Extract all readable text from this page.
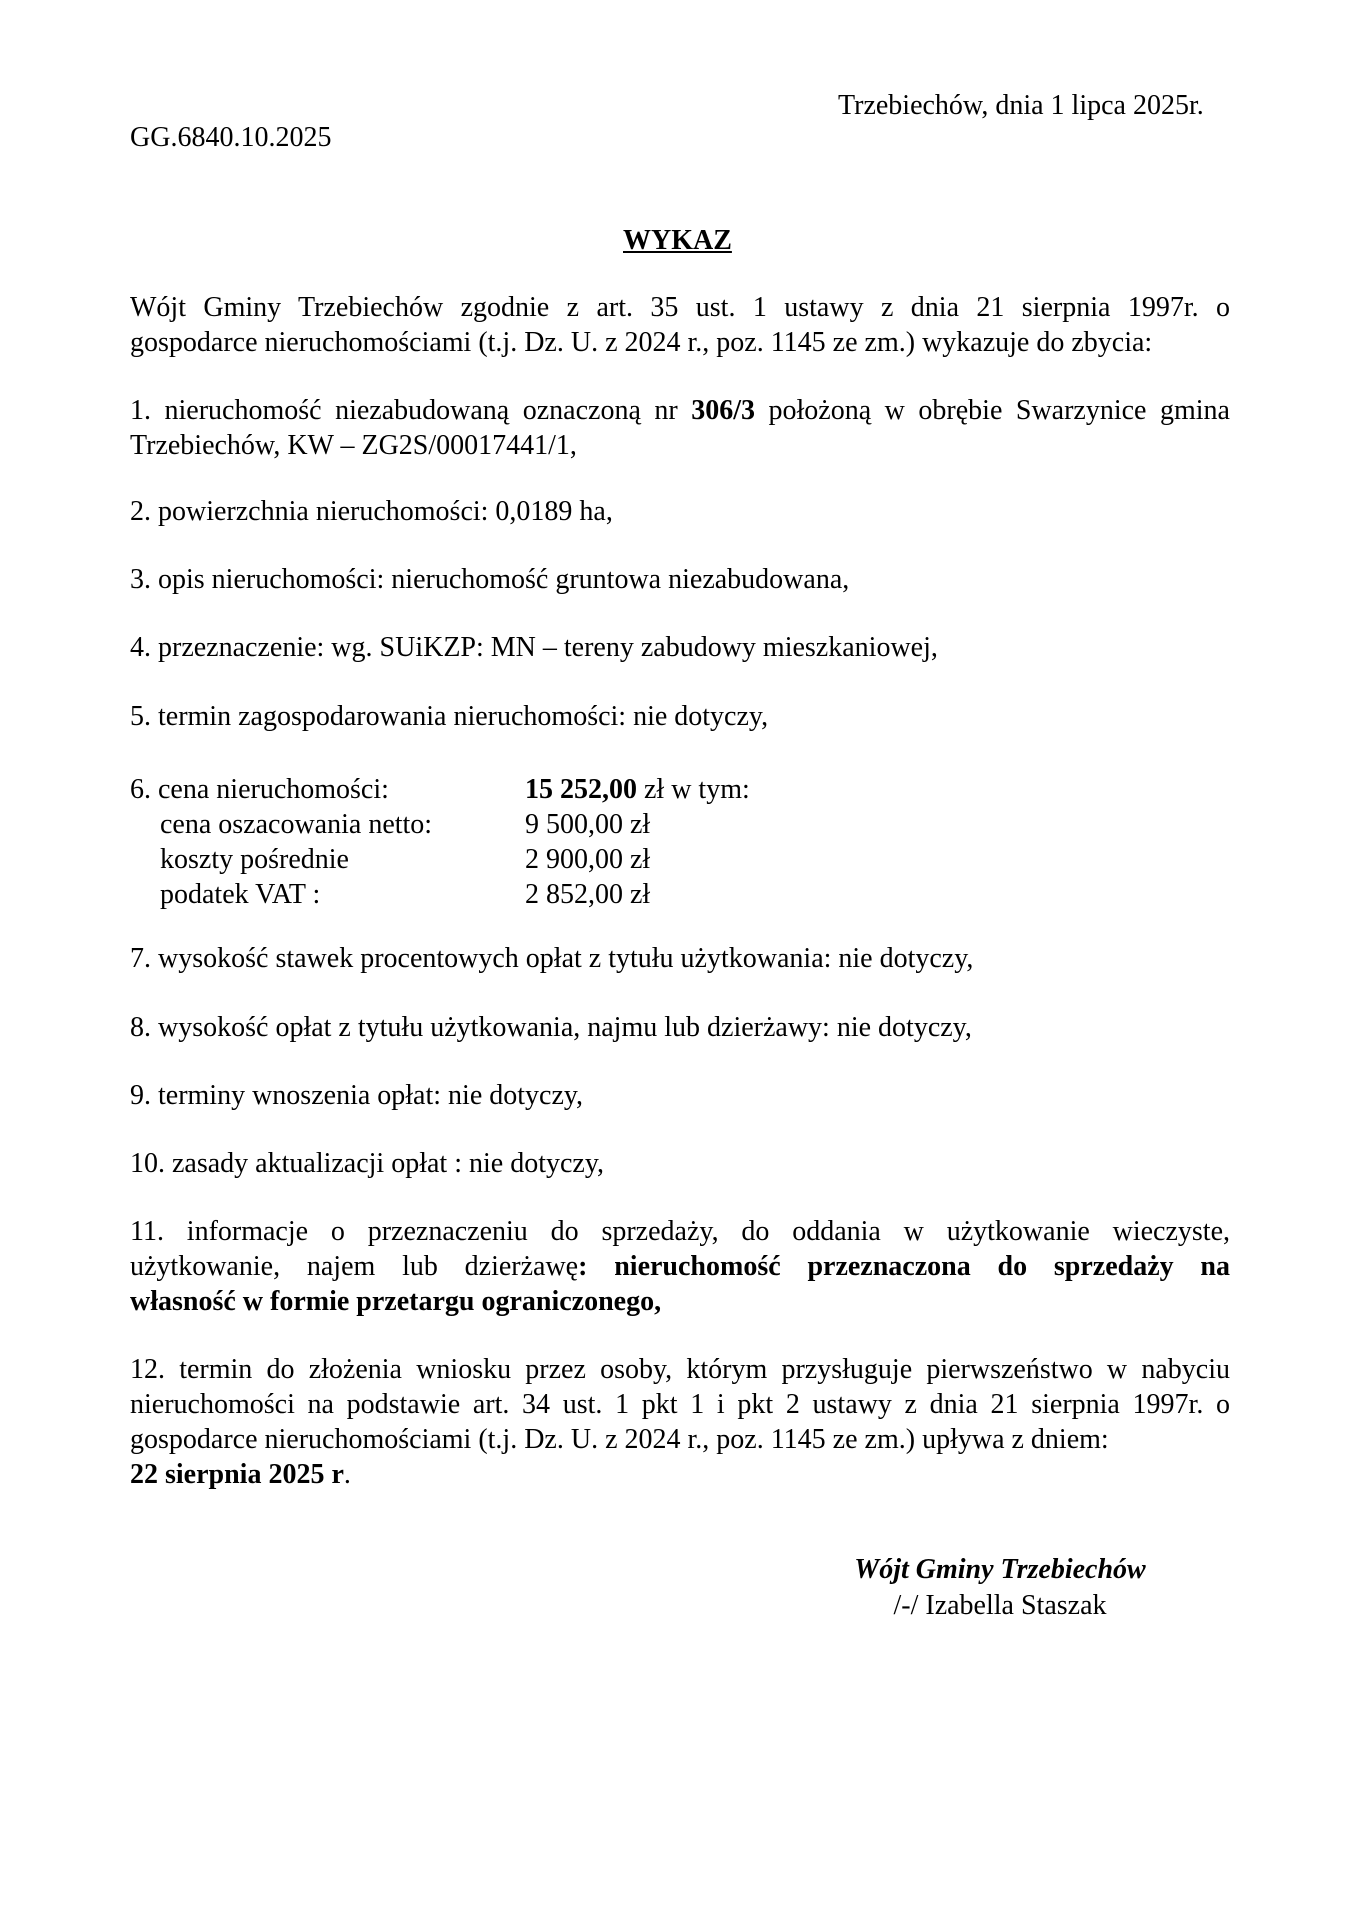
GG.6840.10.2025
Trzebiechów, dnia 1 lipca 2025r.
WYKAZ
Wójt Gminy Trzebiechów zgodnie z art. 35 ust. 1 ustawy z dnia 21 sierpnia 1997r. o
gospodarce nieruchomościami (t.j. Dz. U. z 2024 r., poz. 1145 ze zm.) wykazuje do zbycia:
1. nieruchomość niezabudowaną oznaczoną nr 306/3 położoną w obrębie Swarzynice gmina
Trzebiechów, KW – ZG2S/00017441/1,
2. powierzchnia nieruchomości: 0,0189 ha,
3. opis nieruchomości: nieruchomość gruntowa niezabudowana,
4. przeznaczenie: wg. SUiKZP: MN – tereny zabudowy mieszkaniowej,
5. termin zagospodarowania nieruchomości: nie dotyczy,
6. cena nieruchomości:	15 252,00 zł w tym:
cena oszacowania netto:	9 500,00 zł
koszty pośrednie	2 900,00 zł
podatek VAT :	2 852,00 zł
7. wysokość stawek procentowych opłat z tytułu użytkowania: nie dotyczy,
8. wysokość opłat z tytułu użytkowania, najmu lub dzierżawy: nie dotyczy,
9. terminy wnoszenia opłat: nie dotyczy,
10. zasady aktualizacji opłat : nie dotyczy,
11. informacje o przeznaczeniu do sprzedaży, do oddania w użytkowanie wieczyste,
użytkowanie, najem lub dzierżawę: nieruchomość przeznaczona do sprzedaży na
własność w formie przetargu ograniczonego,
12. termin do złożenia wniosku przez osoby, którym przysługuje pierwszeństwo w nabyciu
nieruchomości na podstawie art. 34 ust. 1 pkt 1 i pkt 2 ustawy z dnia 21 sierpnia 1997r. o
gospodarce nieruchomościami (t.j. Dz. U. z 2024 r., poz. 1145 ze zm.) upływa z dniem:
22 sierpnia 2025 r.
Wójt Gminy Trzebiechów
/-/ Izabella Staszak
